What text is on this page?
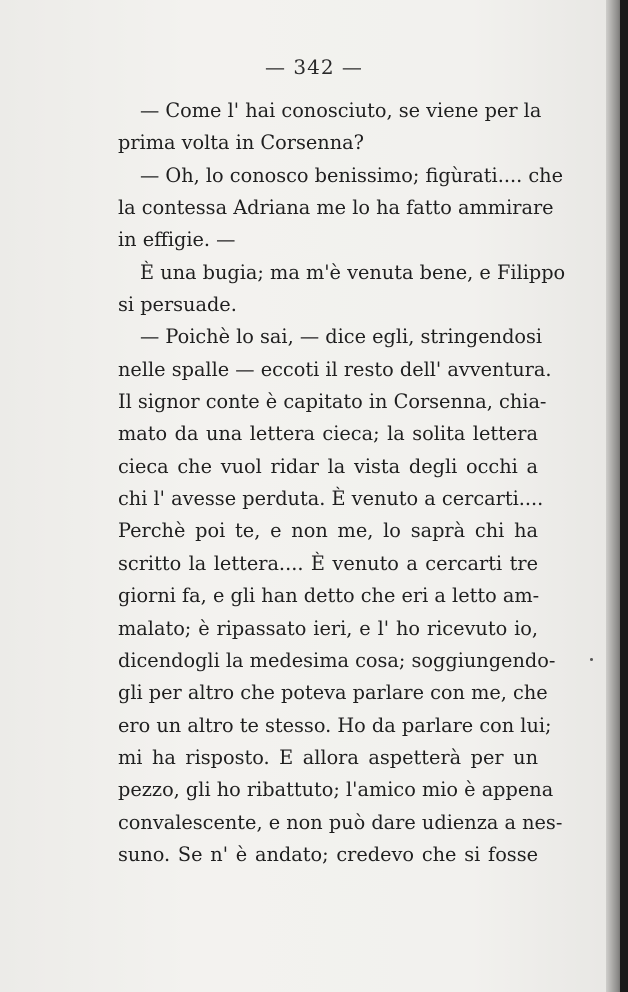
— 342 —
— Come l' hai conosciuto, se viene per la
prima volta in Corsenna?
— Oh, lo conosco benissimo; figùrati.... che
la contessa Adriana me lo ha fatto ammirare
in effigie. —
È una bugia; ma m'è venuta bene, e Filippo
si persuade.
— Poichè lo sai, — dice egli, stringendosi
nelle spalle — eccoti il resto dell' avventura.
Il signor conte è capitato in Corsenna, chia-
mato da una lettera cieca; la solita lettera
cieca che vuol ridar la vista degli occhi a
chi l' avesse perduta. È venuto a cercarti....
Perchè poi te, e non me, lo saprà chi ha
scritto la lettera.... È venuto a cercarti tre
giorni fa, e gli han detto che eri a letto am-
malato; è ripassato ieri, e l' ho ricevuto io,
dicendogli la medesima cosa; soggiungendo-
gli per altro che poteva parlare con me, che
ero un altro te stesso. Ho da parlare con lui;
mi ha risposto. E allora aspetterà per un
pezzo, gli ho ribattuto; l'amico mio è appena
convalescente, e non può dare udienza a nes-
suno. Se n' è andato; credevo che si fosse
